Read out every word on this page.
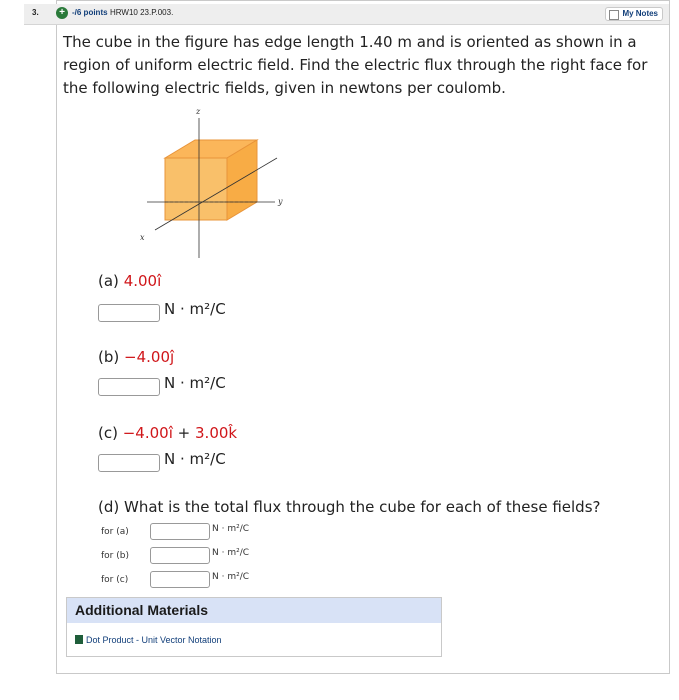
3.	+ -/6 points HRW10 23.P.003.	My Notes
The cube in the figure has edge length 1.40 m and is oriented as shown in a region of uniform electric field. Find the electric flux through the right face for the following electric fields, given in newtons per coulomb.
z
y
x
(a) 4.00î
N · m²/C
(b) −4.00ĵ
N · m²/C
(c) −4.00î + 3.00k̂
N · m²/C
(d) What is the total flux through the cube for each of these fields?
for (a)	N · m²/C
for (b)	N · m²/C
for (c)	N · m²/C
Additional Materials
Dot Product - Unit Vector Notation
